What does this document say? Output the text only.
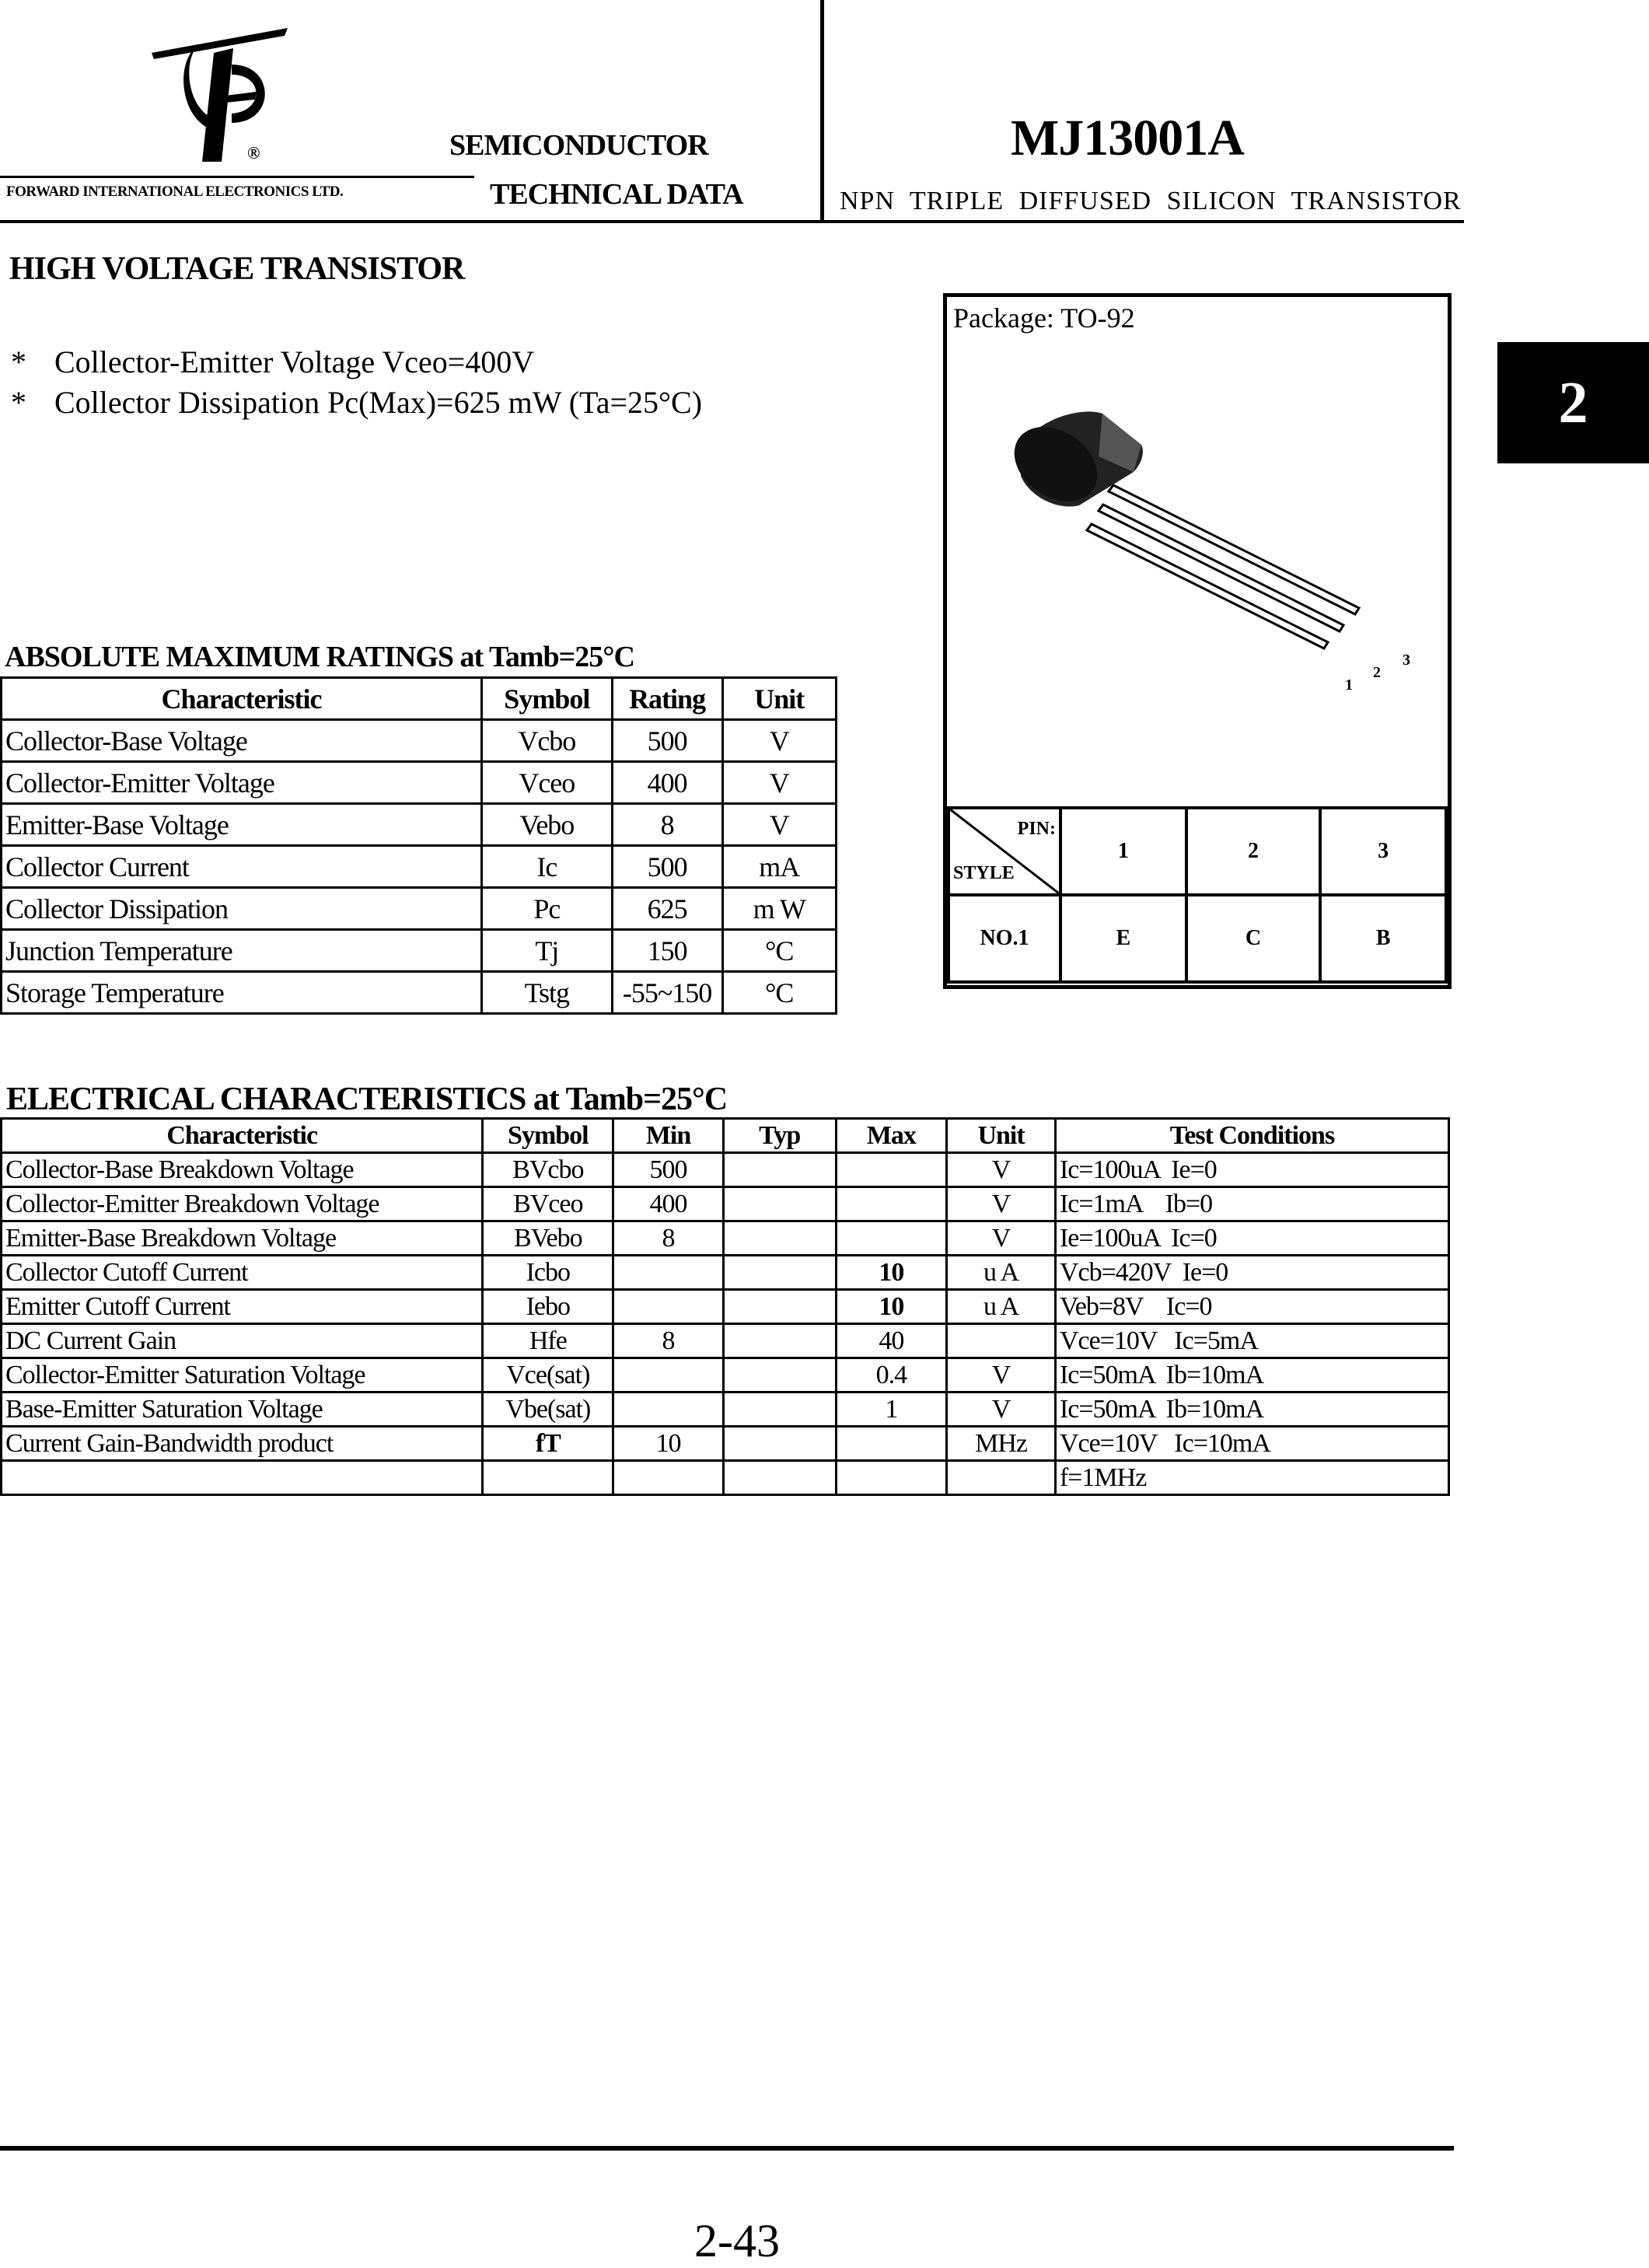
®
FORWARD INTERNATIONAL ELECTRONICS LTD.
SEMICONDUCTOR
TECHNICAL DATA
MJ13001A
NPN TRIPLE DIFFUSED SILICON TRANSISTOR
HIGH VOLTAGE TRANSISTOR
* Collector-Emitter Voltage Vceo=400V
* Collector Dissipation Pc(Max)=625 mW (Ta=25°C)	2
Package: TO-92
1
2
3
PIN:
STYLE	1	2	3
NO.1	E	C	B
ABSOLUTE MAXIMUM RATINGS at Tamb=25°C
Characteristic	Symbol	Rating	Unit
Collector-Base Voltage	Vcbo	500	V
Collector-Emitter Voltage	Vceo	400	V
Emitter-Base Voltage	Vebo	8	V
Collector Current	Ic	500	mA
Collector Dissipation	Pc	625	m W
Junction Temperature	Tj	150	°C
Storage Temperature	Tstg	-55~150	°C
ELECTRICAL CHARACTERISTICS at Tamb=25°C
Characteristic	Symbol	Min	Typ	Max	Unit	Test Conditions
Collector-Base Breakdown Voltage	BVcbo	500			V	Ic=100uA  Ie=0
Collector-Emitter Breakdown Voltage	BVceo	400			V	Ic=1mA    Ib=0
Emitter-Base Breakdown Voltage	BVebo	8			V	Ie=100uA  Ic=0
Collector Cutoff Current	Icbo			10	u A	Vcb=420V  Ie=0
Emitter Cutoff Current	Iebo			10	u A	Veb=8V    Ic=0
DC Current Gain	Hfe	8		40		Vce=10V   Ic=5mA
Collector-Emitter Saturation Voltage	Vce(sat)			0.4	V	Ic=50mA  Ib=10mA
Base-Emitter Saturation Voltage	Vbe(sat)			1	V	Ic=50mA  Ib=10mA
Current Gain-Bandwidth product	fT	10			MHz	Vce=10V   Ic=10mA
						f=1MHz
2-43
